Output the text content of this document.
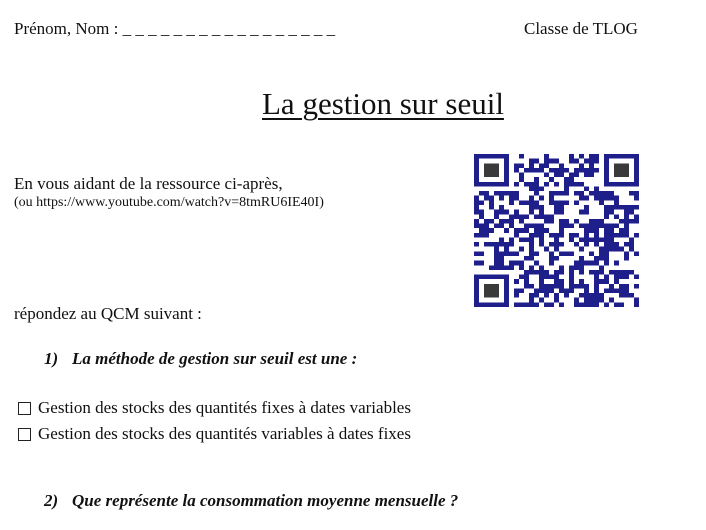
Prénom, Nom : _ _ _ _ _ _ _ _ _ _ _ _ _ _ _ _ _	Classe de TLOG
La gestion sur seuil
En vous aidant de la ressource ci-après,
(ou https://www.youtube.com/watch?v=8tmRU6IE40I)
répondez au QCM suivant :
1) La méthode de gestion sur seuil est une :
Gestion des stocks des quantités fixes à dates variables
Gestion des stocks des quantités variables à dates fixes
2) Que représente la consommation moyenne mensuelle ?
